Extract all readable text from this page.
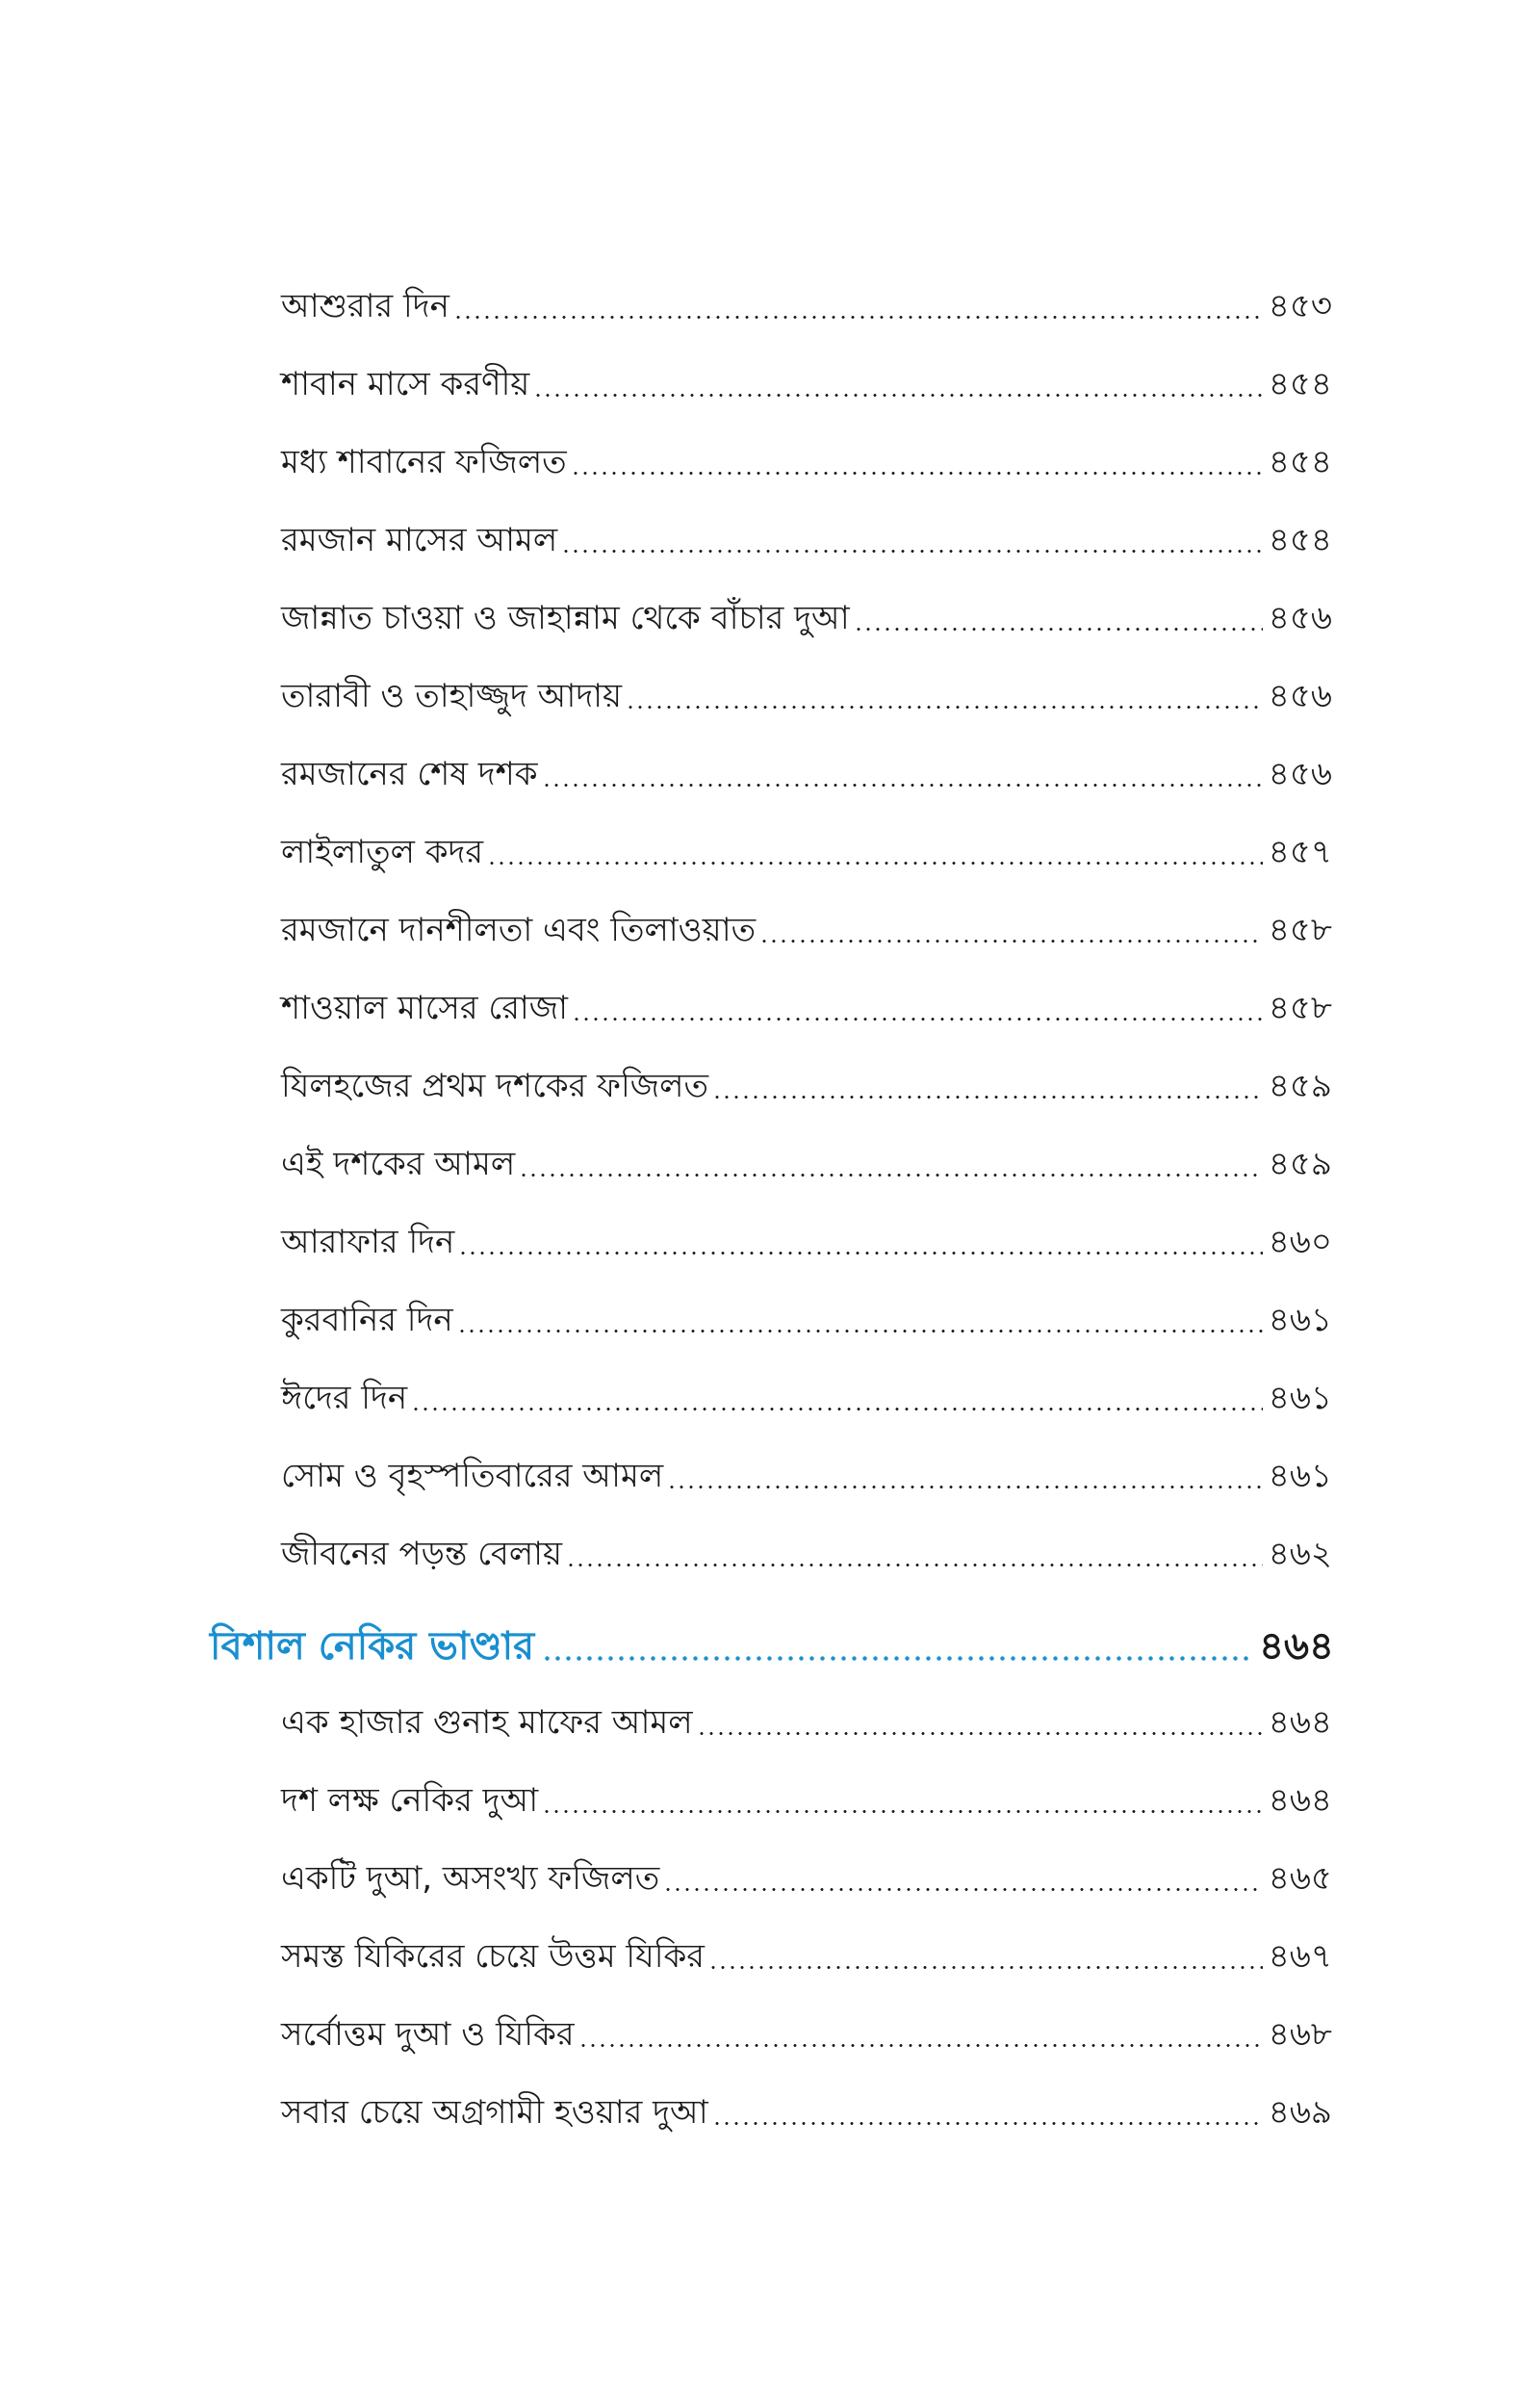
আশুরার দিন	৪৫৩
শাবান মাসে করণীয়	৪৫৪
মধ্য শাবানের ফজিলত	৪৫৪
রমজান মাসের আমল	৪৫৪
জান্নাত চাওয়া ও জাহান্নাম থেকে বাঁচার দুআ	৪৫৬
তারাবী ও তাহাজ্জুদ আদায়	৪৫৬
রমজানের শেষ দশক	৪৫৬
লাইলাতুল কদর	৪৫৭
রমজানে দানশীলতা এবং তিলাওয়াত	৪৫৮
শাওয়াল মাসের রোজা	৪৫৮
যিলহজের প্রথম দশকের ফজিলত	৪৫৯
এই দশকের আমল	৪৫৯
আরাফার দিন	৪৬০
কুরবানির দিন	৪৬১
ঈদের দিন	৪৬১
সোম ও বৃহস্পতিবারের আমল	৪৬১
জীবনের পড়ন্ত বেলায়	৪৬২
বিশাল নেকির ভাণ্ডার	৪৬৪
এক হাজার গুনাহ মাফের আমল	৪৬৪
দশ লক্ষ নেকির দুআ	৪৬৪
একটি দুআ, অসংখ্য ফজিলত	৪৬৫
সমস্ত যিকিরের চেয়ে উত্তম যিকির	৪৬৭
সর্বোত্তম দুআ ও যিকির	৪৬৮
সবার চেয়ে অগ্রগামী হওয়ার দুআ	৪৬৯
